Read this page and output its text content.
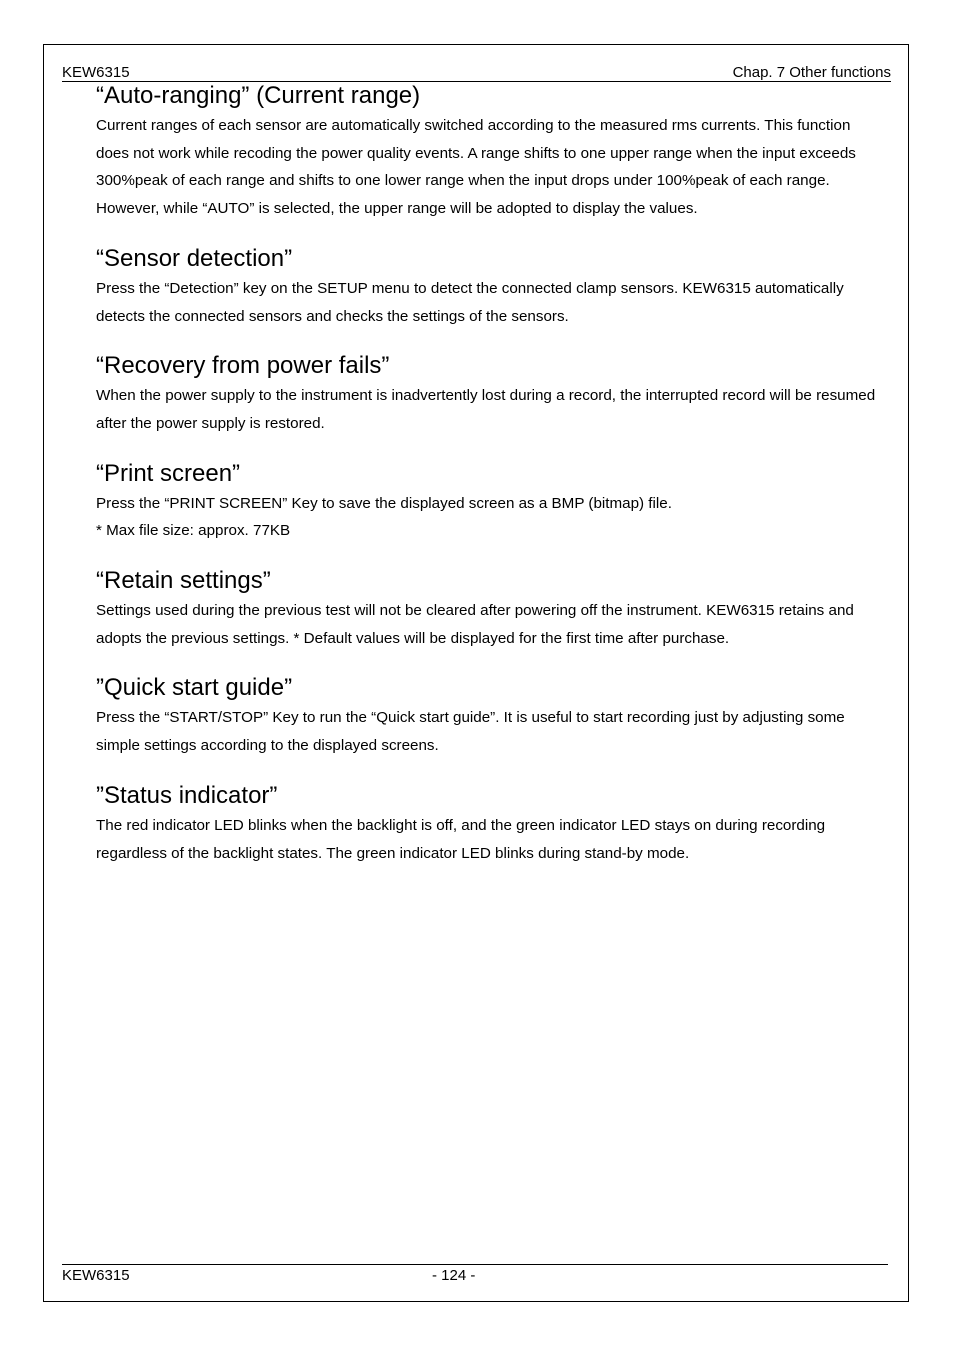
KEW6315	Chap. 7 Other functions
“Auto-ranging” (Current range)

Current ranges of each sensor are automatically switched according to the measured rms currents. This function does not work while recoding the power quality events. A range shifts to one upper range when the input exceeds 300%peak of each range and shifts to one lower range when the input drops under 100%peak of each range. However, while “AUTO” is selected, the upper range will be adopted to display the values.

“Sensor detection”

Press the “Detection” key on the SETUP menu to detect the connected clamp sensors. KEW6315 automatically detects the connected sensors and checks the settings of the sensors.

“Recovery from power fails”

When the power supply to the instrument is inadvertently lost during a record, the interrupted record will be resumed after the power supply is restored.

“Print screen”

Press the “PRINT SCREEN” Key to save the displayed screen as a BMP (bitmap) file.

* Max file size: approx. 77KB

“Retain settings”

Settings used during the previous test will not be cleared after powering off the instrument. KEW6315 retains and adopts the previous settings. * Default values will be displayed for the first time after purchase.

”Quick start guide”

Press the “START/STOP” Key to run the “Quick start guide”. It is useful to start recording just by adjusting some simple settings according to the displayed screens.

”Status indicator”

The red indicator LED blinks when the backlight is off, and the green indicator LED stays on during recording regardless of the backlight states. The green indicator LED blinks during stand-by mode.

KEW6315	- 124 -
